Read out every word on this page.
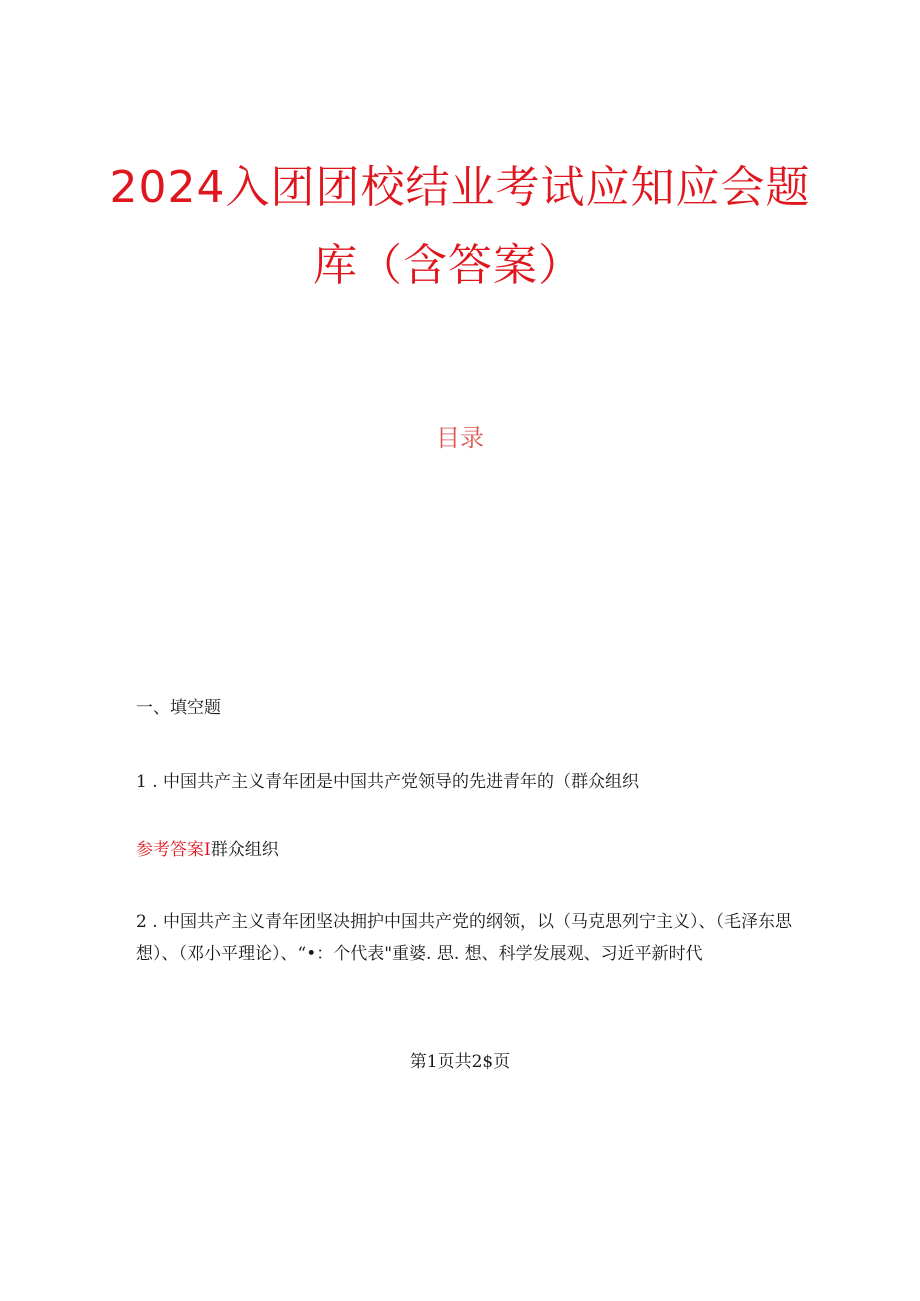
2024入团团校结业考试应知应会题
库（含答案）
目录
一、填空题
1 . 中国共产主义青年团是中国共产党领导的先进青年的（群众组织
参考答案I群众组织
2 . 中国共产主义青年团坚决拥护中国共产党的纲领，以（马克思列宁主义）、（毛泽东思想）、（邓小平理论）、“•：个代表"重婆. 思. 想、科学发展观、习近平新时代
第1页共2$页
